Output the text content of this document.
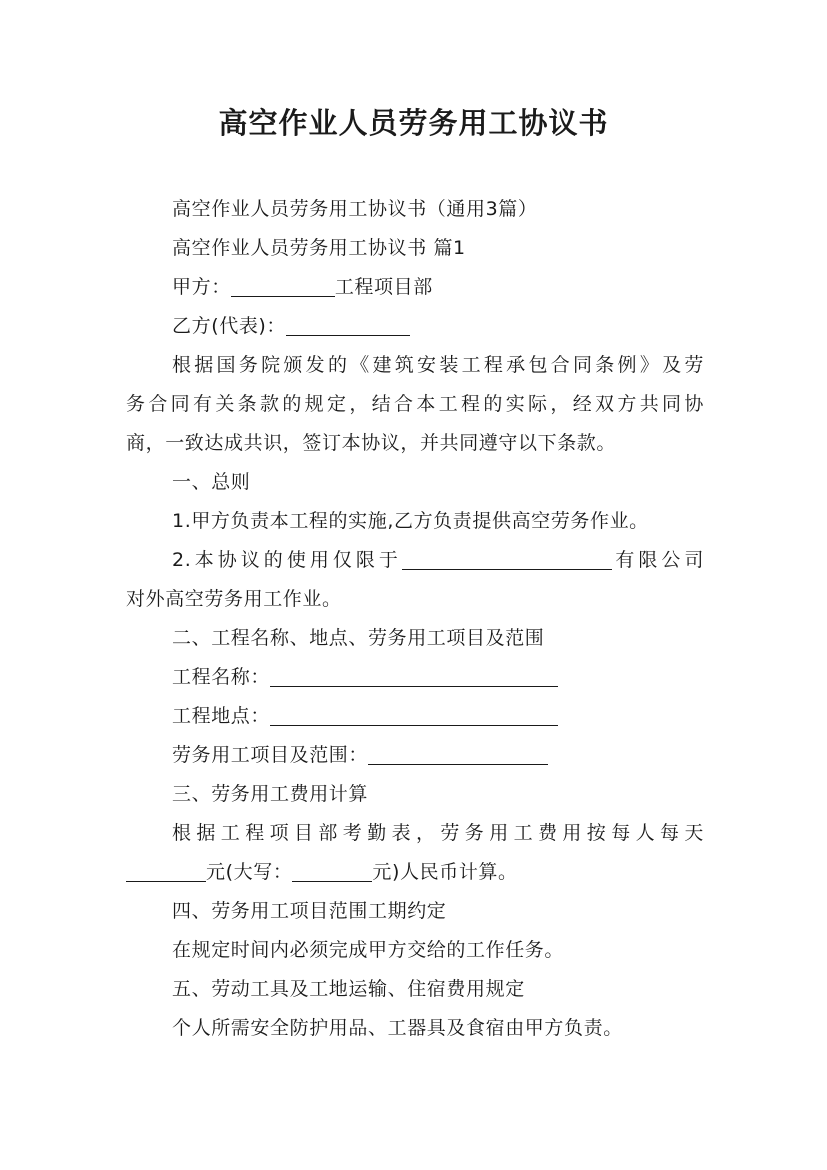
高空作业人员劳务用工协议书

高空作业人员劳务用工协议书（通用3篇）

高空作业人员劳务用工协议书 篇1

甲方：	工程项目部

乙方(代表)：

根据国务院颁发的《建筑安装工程承包合同条例》及劳

务合同有关条款的规定，结合本工程的实际，经双方共同协

商，一致达成共识，签订本协议，并共同遵守以下条款。

一、总则

1.甲方负责本工程的实施,乙方负责提供高空劳务作业。

2.本协议的使用仅限于	有限公司

对外高空劳务用工作业。

二、工程名称、地点、劳务用工项目及范围

工程名称：

工程地点：

劳务用工项目及范围：

三、劳务用工费用计算

根据工程项目部考勤表，劳务用工费用按每人每天

元(大写：	元)人民币计算。

四、劳务用工项目范围工期约定

在规定时间内必须完成甲方交给的工作任务。

五、劳动工具及工地运输、住宿费用规定

个人所需安全防护用品、工器具及食宿由甲方负责。
